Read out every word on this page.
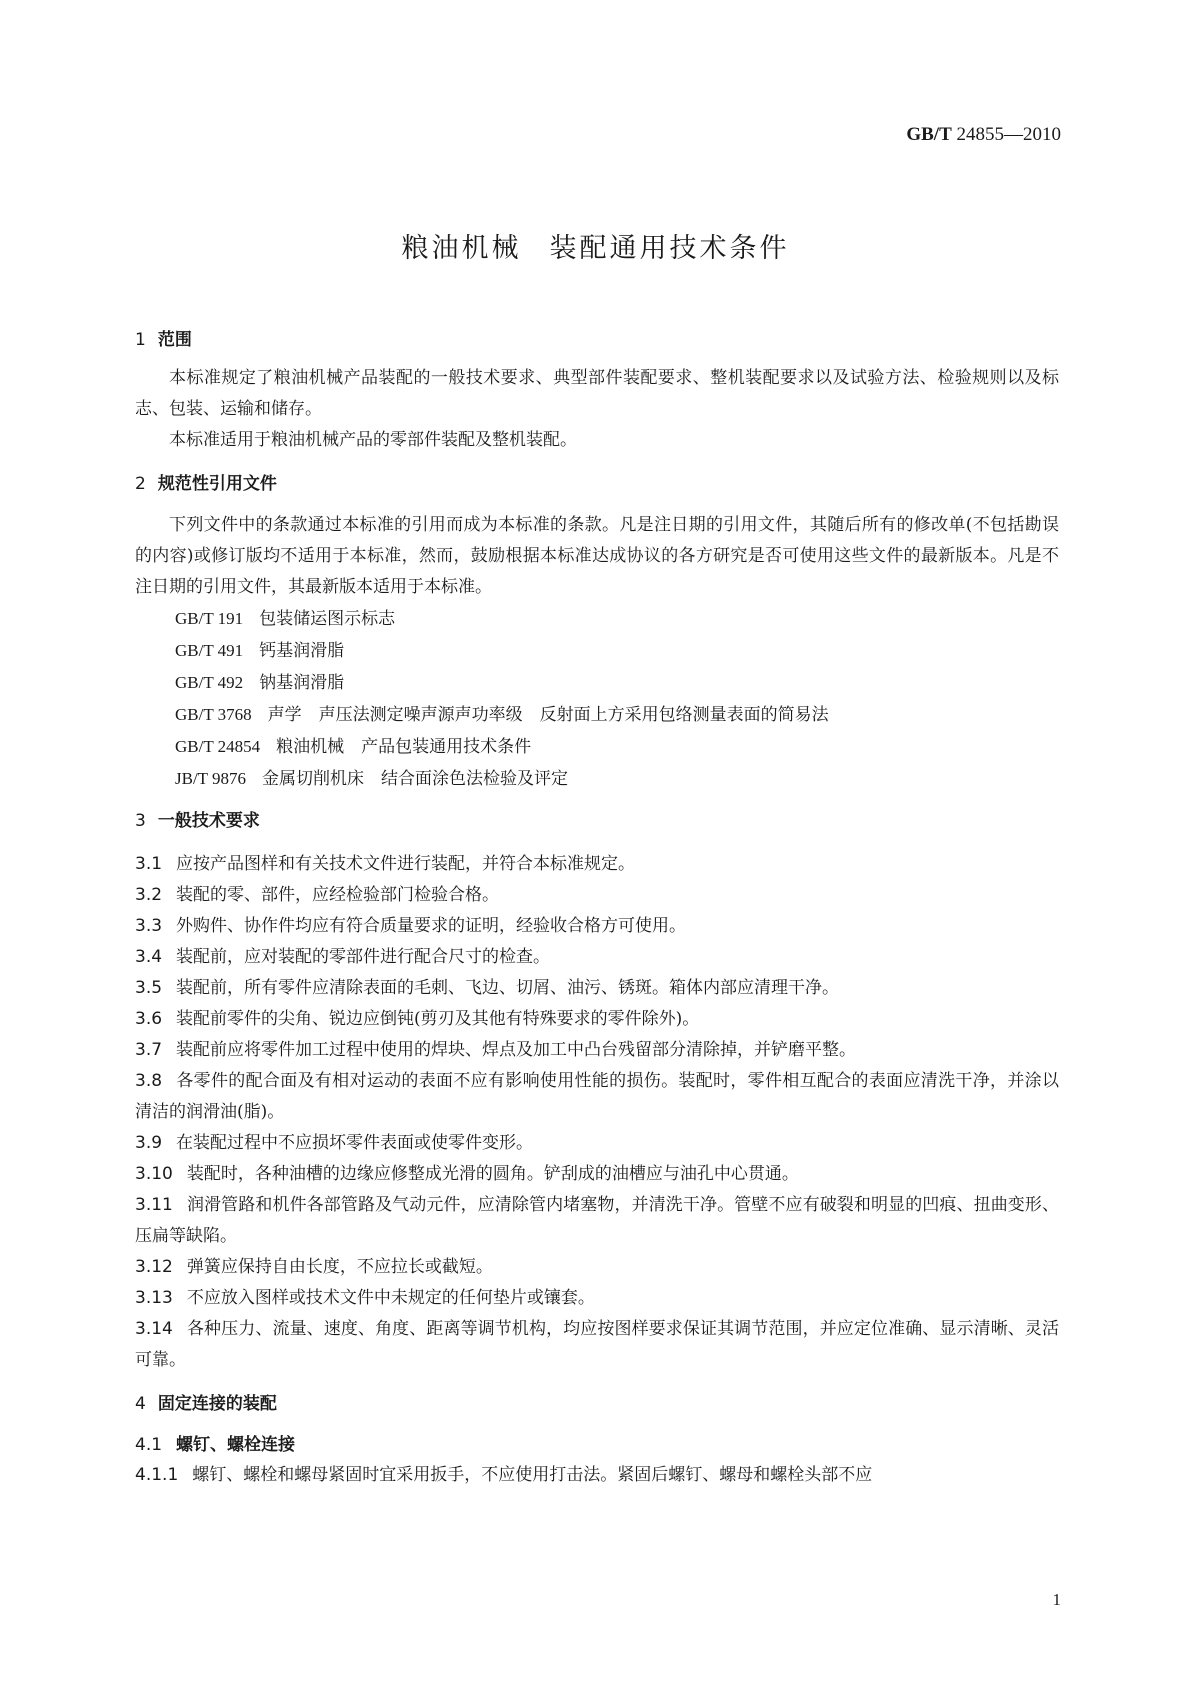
GB/T 24855—2010
粮油机械 装配通用技术条件
1 范围

本标准规定了粮油机械产品装配的一般技术要求、典型部件装配要求、整机装配要求以及试验方法、检验规则以及标志、包装、运输和储存。

本标准适用于粮油机械产品的零部件装配及整机装配。

2 规范性引用文件

下列文件中的条款通过本标准的引用而成为本标准的条款。凡是注日期的引用文件，其随后所有的修改单(不包括勘误的内容)或修订版均不适用于本标准，然而，鼓励根据本标准达成协议的各方研究是否可使用这些文件的最新版本。凡是不注日期的引用文件，其最新版本适用于本标准。

GB/T 191 包装储运图示标志
GB/T 491 钙基润滑脂
GB/T 492 钠基润滑脂
GB/T 3768 声学　声压法测定噪声源声功率级　反射面上方采用包络测量表面的简易法
GB/T 24854 粮油机械　产品包装通用技术条件
JB/T 9876 金属切削机床　结合面涂色法检验及评定
3 一般技术要求

3.1 应按产品图样和有关技术文件进行装配，并符合本标准规定。

3.2 装配的零、部件，应经检验部门检验合格。

3.3 外购件、协作件均应有符合质量要求的证明，经验收合格方可使用。

3.4 装配前，应对装配的零部件进行配合尺寸的检查。

3.5 装配前，所有零件应清除表面的毛刺、飞边、切屑、油污、锈斑。箱体内部应清理干净。

3.6 装配前零件的尖角、锐边应倒钝(剪刃及其他有特殊要求的零件除外)。

3.7 装配前应将零件加工过程中使用的焊块、焊点及加工中凸台残留部分清除掉，并铲磨平整。

3.8 各零件的配合面及有相对运动的表面不应有影响使用性能的损伤。装配时，零件相互配合的表面应清洗干净，并涂以清洁的润滑油(脂)。

3.9 在装配过程中不应损坏零件表面或使零件变形。

3.10 装配时，各种油槽的边缘应修整成光滑的圆角。铲刮成的油槽应与油孔中心贯通。

3.11 润滑管路和机件各部管路及气动元件，应清除管内堵塞物，并清洗干净。管壁不应有破裂和明显的凹痕、扭曲变形、压扁等缺陷。

3.12 弹簧应保持自由长度，不应拉长或截短。

3.13 不应放入图样或技术文件中未规定的任何垫片或镶套。

3.14 各种压力、流量、速度、角度、距离等调节机构，均应按图样要求保证其调节范围，并应定位准确、显示清晰、灵活可靠。

4 固定连接的装配
4.1 螺钉、螺栓连接

4.1.1 螺钉、螺栓和螺母紧固时宜采用扳手，不应使用打击法。紧固后螺钉、螺母和螺栓头部不应

1
